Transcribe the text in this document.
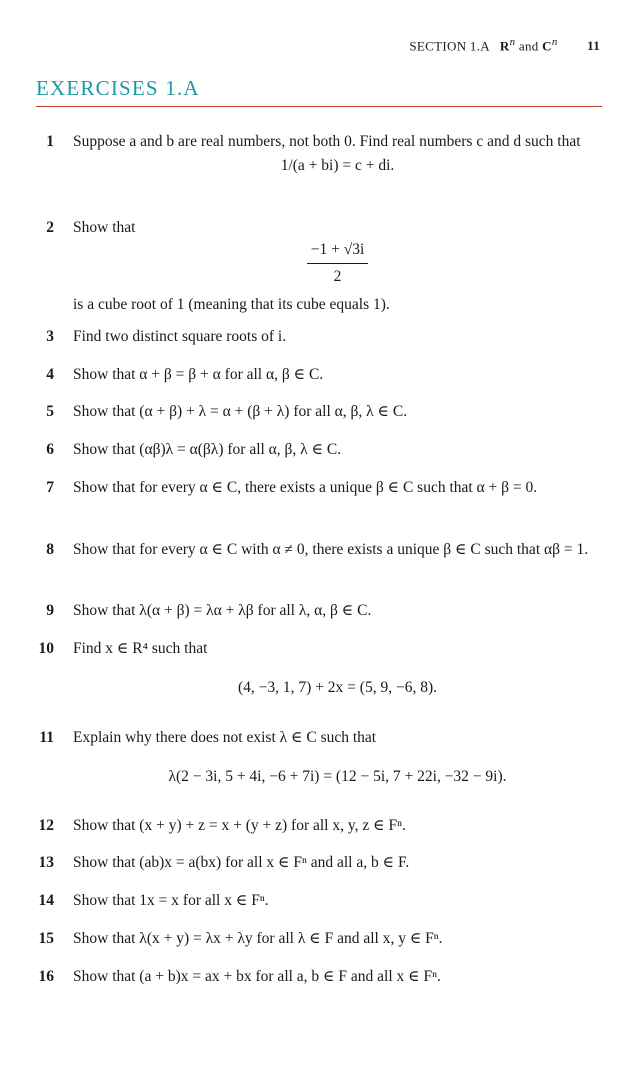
SECTION 1.A $R^n$ and $C^n$ 11
EXERCISES 1.A
1 Suppose a and b are real numbers, not both 0. Find real numbers c and d such that
1/(a + bi) = c + di.
2 Show that
$\frac{-1 + √3i}{2}$
is a cube root of 1 (meaning that its cube equals 1).
3 Find two distinct square roots of i.
4 Show that α + β = β + α for all α, β ∈ C.
5 Show that (α + β) + λ = α + (β + λ) for all α, β, λ ∈ C.
6 Show that (αβ)λ = α(βλ) for all α, β, λ ∈ C.
7 Show that for every α ∈ C, there exists a unique β ∈ C such that α + β = 0.
8 Show that for every α ∈ C with α ≠ 0, there exists a unique β ∈ C such that αβ = 1.
9 Show that λ(α + β) = λα + λβ for all λ, α, β ∈ C.
10 Find x ∈ R⁴ such that
(4, −3, 1, 7) + 2x = (5, 9, −6, 8).
11 Explain why there does not exist λ ∈ C such that
λ(2 − 3i, 5 + 4i, −6 + 7i) = (12 − 5i, 7 + 22i, −32 − 9i).
12 Show that (x + y) + z = x + (y + z) for all x, y, z ∈ Fⁿ.
13 Show that (ab)x = a(bx) for all x ∈ Fⁿ and all a, b ∈ F.
14 Show that 1x = x for all x ∈ Fⁿ.
15 Show that λ(x + y) = λx + λy for all λ ∈ F and all x, y ∈ Fⁿ.
16 Show that (a + b)x = ax + bx for all a, b ∈ F and all x ∈ Fⁿ.
